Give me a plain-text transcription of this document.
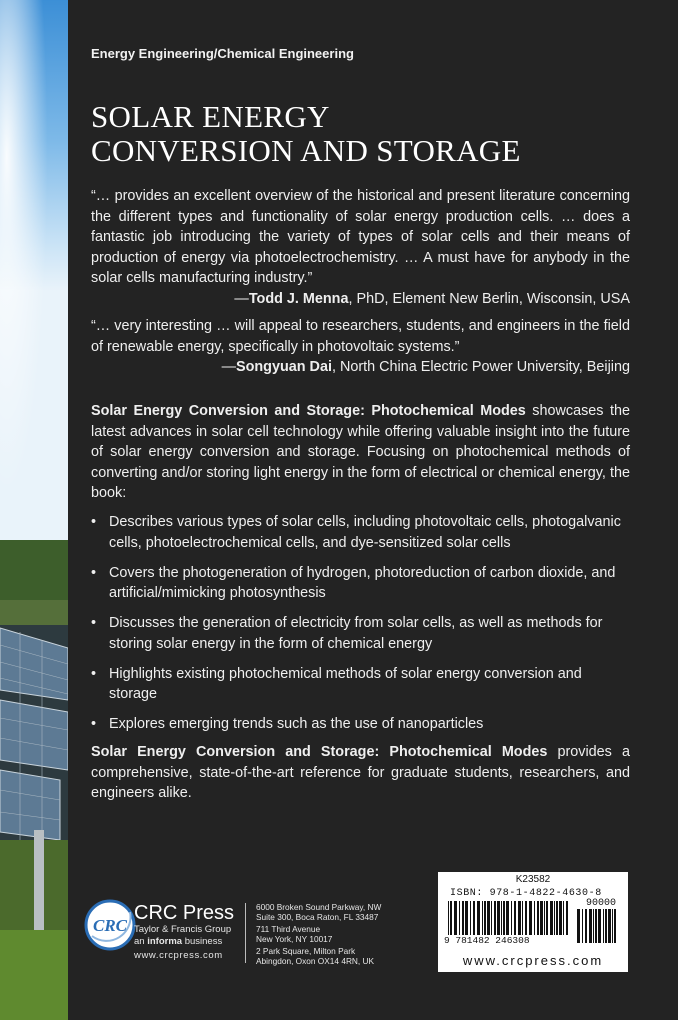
Energy Engineering/Chemical Engineering
SOLAR ENERGY
CONVERSION AND STORAGE
“… provides an excellent overview of the historical and present literature concerning the different types and functionality of solar energy production cells. … does a fantastic job introducing the variety of types of solar cells and their means of production of energy via photoelectrochemistry. … A must have for anybody in the solar cells manufacturing industry.”
—Todd J. Menna, PhD, Element New Berlin, Wisconsin, USA
“… very interesting … will appeal to researchers, students, and engineers in the field of renewable energy, specifically in photovoltaic systems.”
—Songyuan Dai, North China Electric Power University, Beijing
Solar Energy Conversion and Storage: Photochemical Modes showcases the latest advances in solar cell technology while offering valuable insight into the future of solar energy conversion and storage. Focusing on photochemical methods of converting and/or storing light energy in the form of electrical or chemical energy, the book:
• Describes various types of solar cells, including photovoltaic cells, photogalvanic cells, photoelectrochemical cells, and dye-sensitized solar cells
• Covers the photogeneration of hydrogen, photoreduction of carbon dioxide, and artificial/mimicking photosynthesis
• Discusses the generation of electricity from solar cells, as well as methods for storing solar energy in the form of chemical energy
• Highlights existing photochemical methods of solar energy conversion and storage
• Explores emerging trends such as the use of nanoparticles
Solar Energy Conversion and Storage: Photochemical Modes provides a comprehensive, state-of-the-art reference for graduate students, researchers, and engineers alike.
CRC
CRC Press
Taylor & Francis Group
an informa business
www.crcpress.com
6000 Broken Sound Parkway, NW
Suite 300, Boca Raton, FL 33487
711 Third Avenue
New York, NY 10017
2 Park Square, Milton Park
Abingdon, Oxon OX14 4RN, UK
K23582
ISBN: 978-1-4822-4630-8
90000
9 781482 246308
www.crcpress.com
